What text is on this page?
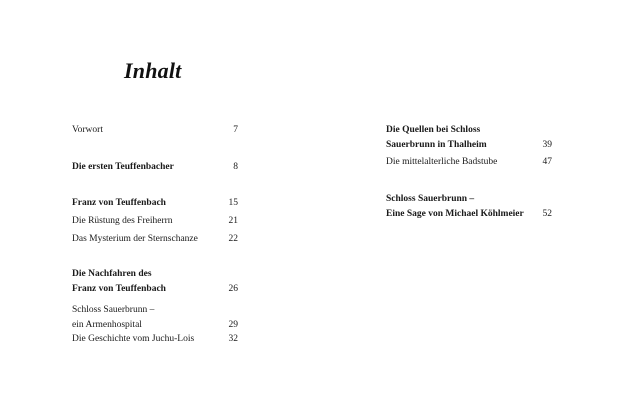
Inhalt
Vorwort	7
Die ersten Teuffenbacher	8
Franz von Teuffenbach	15
Die Rüstung des Freiherrn	21
Das Mysterium der Sternschanze	22
Die Nachfahren des
Franz von Teuffenbach	26
Schloss Sauerbrunn –
ein Armenhospital	29
Die Geschichte vom Juchu-Lois	32
Die Quellen bei Schloss
Sauerbrunn in Thalheim	39
Die mittelalterliche Badstube	47
Schloss Sauerbrunn –
Eine Sage von Michael Köhlmeier	52
